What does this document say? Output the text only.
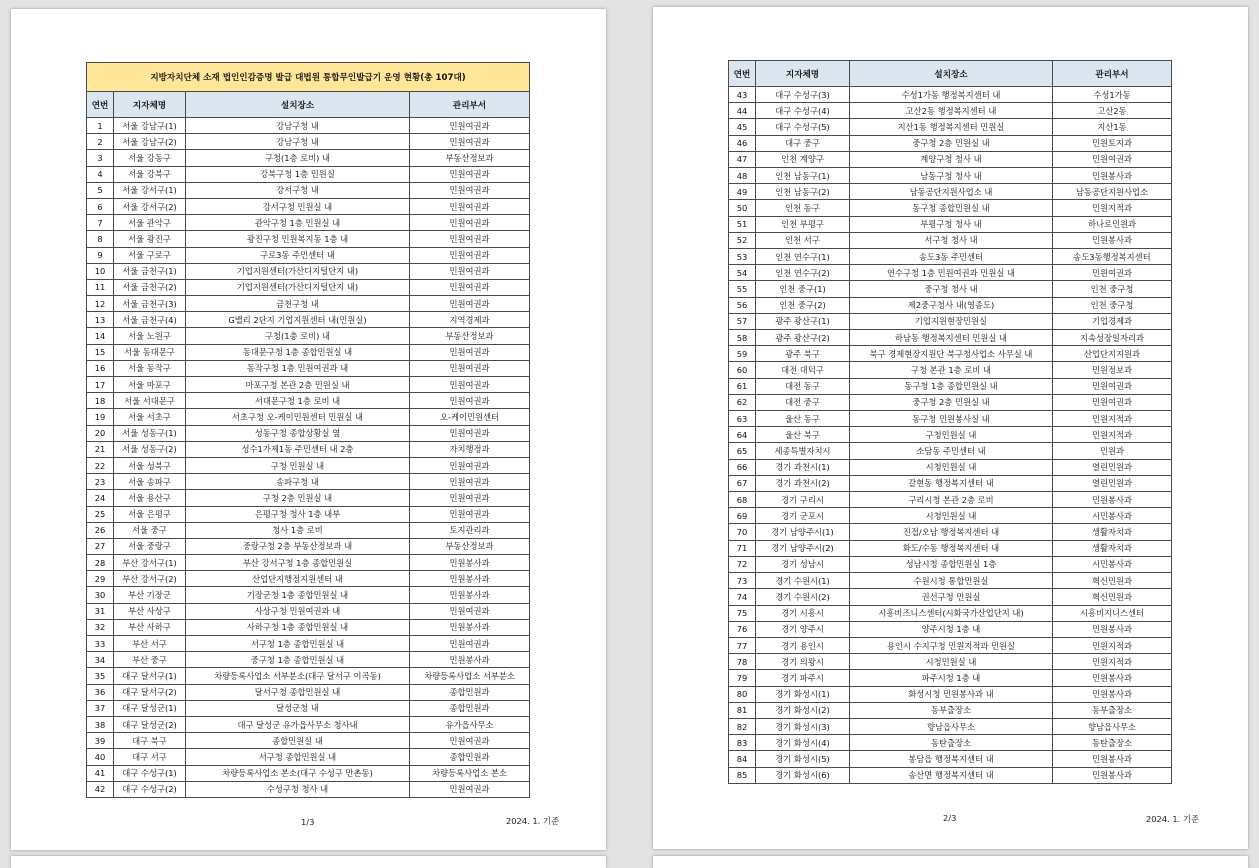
지방자치단체 소재 법인인감증명 발급 대법원 통합무인발급기 운영 현황(총 107대)			
연번	지자체명	설치장소	관리부서
1	서울 강남구(1)	강남구청 내	민원여권과
2	서울 강남구(2)	강남구청 내	민원여권과
3	서울 강동구	구청(1층 로비) 내	부동산정보과
4	서울 강북구	강북구청 1층 민원실	민원여권과
5	서울 강서구(1)	강서구청 내	민원여권과
6	서울 강서구(2)	강서구청 민원실 내	민원여권과
7	서울 관악구	관악구청 1층 민원실 내	민원여권과
8	서울 광진구	광진구청 민원복지동 1층 내	민원여권과
9	서울 구로구	구로3동 주민센터 내	민원여권과
10	서울 금천구(1)	기업지원센터(가산디지털단지 내)	민원여권과
11	서울 금천구(2)	기업지원센터(가산디지털단지 내)	민원여권과
12	서울 금천구(3)	금천구청 내	민원여권과
13	서울 금천구(4)	G밸리 2단지 기업지원센터 내(민원실)	지역경제과
14	서울 노원구	구청(1층 로비) 내	부동산정보과
15	서울 동대문구	동대문구청 1층 종합민원실 내	민원여권과
16	서울 동작구	동작구청 1층 민원여권과 내	민원여권과
17	서울 마포구	마포구청 본관 2층 민원실 내	민원여권과
18	서울 서대문구	서대문구청 1층 로비 내	민원여권과
19	서울 서초구	서초구청 오-케이민원센터 민원실 내	오-케이민원센터
20	서울 성동구(1)	성동구청 종합상황실 옆	민원여권과
21	서울 성동구(2)	성수1가제1동 주민센터 내 2층	자치행정과
22	서울 성북구	구청 민원실 내	민원여권과
23	서울 송파구	송파구청 내	민원여권과
24	서울 용산구	구청 2층 민원실 내	민원여권과
25	서울 은평구	은평구청 청사 1층 내부	민원여권과
26	서울 중구	청사 1층 로비	토지관리과
27	서울 중랑구	중랑구청 2층 부동산정보과 내	부동산정보과
28	부산 강서구(1)	부산 강서구청 1층 종합민원실	민원봉사과
29	부산 강서구(2)	산업단지행정지원센터 내	민원봉사과
30	부산 기장군	기장군청 1층 종합민원실 내	민원봉사과
31	부산 사상구	사상구청 민원여권과 내	민원여권과
32	부산 사하구	사하구청 1층 종합민원실 내	민원봉사과
33	부산 서구	서구청 1층 종합민원실 내	민원여권과
34	부산 중구	중구청 1층 종합민원실 내	민원봉사과
35	대구 달서구(1)	차량등록사업소 서부분소(대구 달서구 이곡동)	차량등록사업소 서부분소
36	대구 달서구(2)	달서구청 종합민원실 내	종합민원과
37	대구 달성군(1)	달성군청 내	종합민원과
38	대구 달성군(2)	대구 달성군 유가읍사무소 청사내	유가읍사무소
39	대구 북구	종합민원실 내	민원여권과
40	대구 서구	서구청 종합민원실 내	종합민원과
41	대구 수성구(1)	차량등록사업소 본소(대구 수성구 만촌동)	차량등록사업소 본소
42	대구 수성구(2)	수성구청 청사 내	민원여권과
1/3	2024. 1. 기준
연번	지자체명	설치장소	관리부서
43	대구 수성구(3)	수성1가동 행정복지센터 내	수성1가동
44	대구 수성구(4)	고산2동 행정복지센터 내	고산2동
45	대구 수성구(5)	지산1동 행정복지센터 민원실	지산1동
46	대구 중구	중구청 2층 민원실 내	민원토지과
47	인천 계양구	계양구청 청사 내	민원여권과
48	인천 남동구(1)	남동구청 청사 내	민원봉사과
49	인천 남동구(2)	남동공단지원사업소 내	남동공단지원사업소
50	인천 동구	동구청 종합민원실 내	민원지적과
51	인천 부평구	부평구청 청사 내	하나로민원과
52	인천 서구	서구청 청사 내	민원봉사과
53	인천 연수구(1)	송도3동 주민센터	송도3동행정복지센터
54	인천 연수구(2)	연수구청 1층 민원여권과 민원실 내	민원여권과
55	인천 중구(1)	중구청 청사 내	인천 중구청
56	인천 중구(2)	제2중구청사 내(영종도)	인천 중구청
57	광주 광산구(1)	기업지원현장민원실	기업경제과
58	광주 광산구(2)	하남동 행정복지센터 민원실 내	지속성장일자리과
59	광주 북구	북구 경제현장지원단 북구청사업소 사무실 내	산업단지지원과
60	대전 대덕구	구청 본관 1층 로비 내	민원정보과
61	대전 동구	동구청 1층 종합민원실 내	민원여권과
62	대전 중구	중구청 2층 민원실 내	민원여권과
63	울산 동구	동구청 민원봉사실 내	민원지적과
64	울산 북구	구청민원실 내	민원지적과
65	세종특별자치시	소담동 주민센터 내	민원과
66	경기 과천시(1)	시청민원실 내	열린민원과
67	경기 과천시(2)	갈현동 행정복지센터 내	열린민원과
68	경기 구리시	구리시청 본관 2층 로비	민원봉사과
69	경기 군포시	시청민원실 내	시민봉사과
70	경기 남양주시(1)	진접/오남 행정복지센터 내	생활자치과
71	경기 남양주시(2)	화도/수동 행정복지센터 내	생활자치과
72	경기 성남시	성남시청 종합민원실 1층	시민봉사과
73	경기 수원시(1)	수원시청 통합민원실	혁신민원과
74	경기 수원시(2)	권선구청 민원실	혁신민원과
75	경기 시흥시	시흥비즈니스센터(시화국가산업단지 내)	시흥비지니스센터
76	경기 양주시	양주시청 1층 내	민원봉사과
77	경기 용인시	용인시 수지구청 민원지적과 민원실	민원지적과
78	경기 의왕시	시청민원실 내	민원지적과
79	경기 파주시	파주시청 1층 내	민원봉사과
80	경기 화성시(1)	화성시청 민원봉사과 내	민원봉사과
81	경기 화성시(2)	동부출장소	동부출장소
82	경기 화성시(3)	향남읍사무소	향남읍사무소
83	경기 화성시(4)	동탄출장소	동탄출장소
84	경기 화성시(5)	봉담읍 행정복지센터 내	민원봉사과
85	경기 화성시(6)	송산면 행정복지센터 내	민원봉사과
2/3	2024. 1. 기준
